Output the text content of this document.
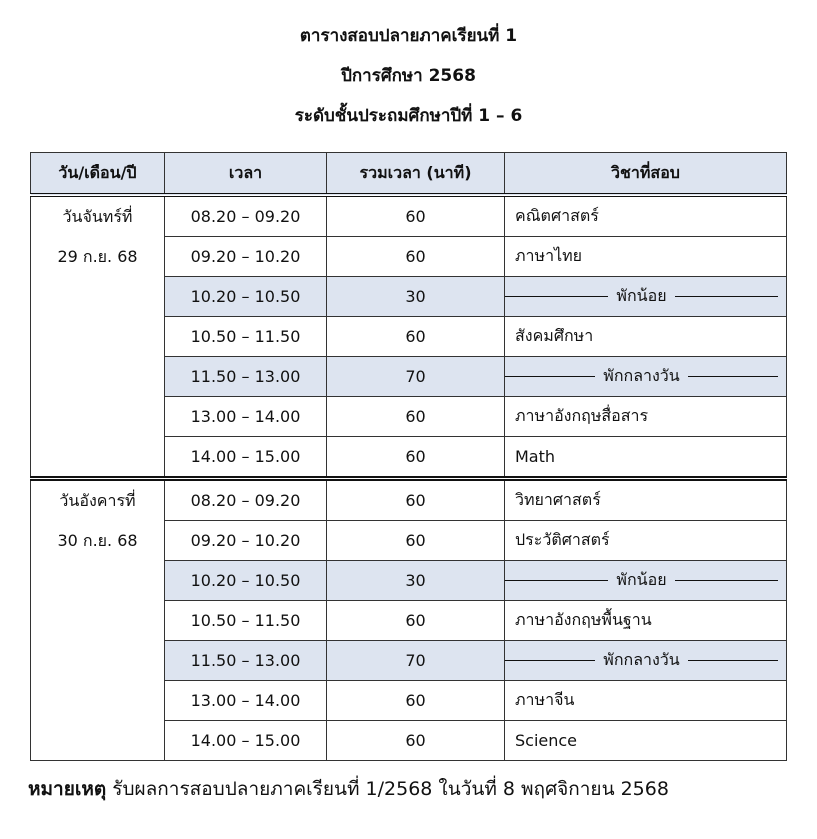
ตารางสอบปลายภาคเรียนที่ 1
ปีการศึกษา 2568
ระดับชั้นประถมศึกษาปีที่ 1 – 6
วัน/เดือน/ปี	เวลา	รวมเวลา (นาที)	วิชาที่สอบ

วันจันทร์ที่
29 ก.ย. 68	08.20 – 09.20	60	คณิตศาสตร์
	09.20 – 10.20	60	ภาษาไทย
	10.20 – 10.50	30	พักน้อย

	10.50 – 11.50	60	สังคมศึกษา
	11.50 – 13.00	70	พักกลางวัน

	13.00 – 14.00	60	ภาษาอังกฤษสื่อสาร
	14.00 – 15.00	60	Math

วันอังคารที่
30 ก.ย. 68	08.20 – 09.20	60	วิทยาศาสตร์
	09.20 – 10.20	60	ประวัติศาสตร์
	10.20 – 10.50	30	พักน้อย

	10.50 – 11.50	60	ภาษาอังกฤษพื้นฐาน
	11.50 – 13.00	70	พักกลางวัน

	13.00 – 14.00	60	ภาษาจีน
	14.00 – 15.00	60	Science
หมายเหตุ รับผลการสอบปลายภาคเรียนที่ 1/2568 ในวันที่ 8 พฤศจิกายน 2568
